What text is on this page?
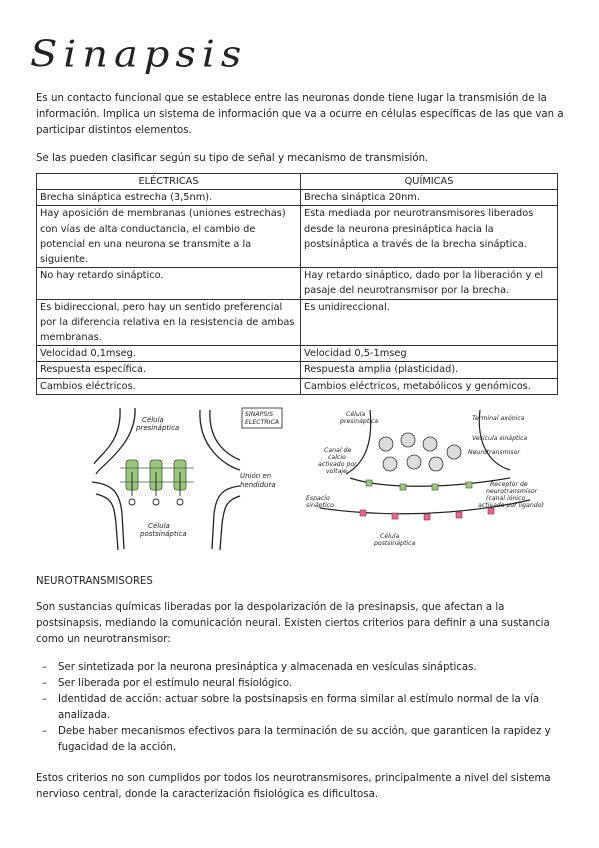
Sinapsis

Es un contacto funcional que se establece entre las neuronas donde tiene lugar la transmisión de la información. Implica un sistema de información que va a ocurre en células específicas de las que van a participar distintos elementos.

Se las pueden clasificar según su tipo de señal y mecanismo de transmisión.

ELÉCTRICAS	QUÍMICAS
Brecha sináptica estrecha (3,5nm).	Brecha sináptica 20nm.
Hay aposición de membranas (uniones estrechas) con vías de alta conductancia, el cambio de potencial en una neurona se transmite a la siguiente.	Esta mediada por neurotransmisores liberados desde la neurona presináptica hacia la postsináptica a través de la brecha sináptica.
No hay retardo sináptico.	Hay retardo sináptico, dado por la liberación y el pasaje del neurotransmisor por la brecha.
Es bidireccional, pero hay un sentido preferencial por la diferencia relativa en la resistencia de ambas membranas.	Es unidireccional.
Velocidad 0,1mseg.	Velocidad 0,5-1mseg
Respuesta específica.	Respuesta amplia (plasticidad).
Cambios eléctricos.	Cambios eléctricos, metabólicos y genómicos.
Célula
presináptica
SINAPSIS
ELECTRICA
Unión en
hendidura
Célula
postsináptica
Célula
presináptica	Terminal axónica
Vesícula sináptica
Neurotransmisor
Canal de
calcio
activado por
voltaje
Espacio
sináptico
Receptor de
neurotransmisor
(canal iónico
activado por ligando)
Célula
postsináptica

NEUROTRANSMISORES

Son sustancias químicas liberadas por la despolarización de la presinapsis, que afectan a la postsinapsis, mediando la comunicación neural. Existen ciertos criterios para definir a una sustancia como un neurotransmisor:

– Ser sintetizada por la neurona presináptica y almacenada en vesículas sinápticas.
– Ser liberada por el estímulo neural fisiológico.
– Identidad de acción: actuar sobre la postsinapsis en forma similar al estímulo normal de la vía analizada.
– Debe haber mecanismos efectivos para la terminación de su acción, que garanticen la rapidez y fugacidad de la acción.

Estos criterios no son cumplidos por todos los neurotransmisores, principalmente a nivel del sistema nervioso central, donde la caracterización fisiológica es dificultosa.
